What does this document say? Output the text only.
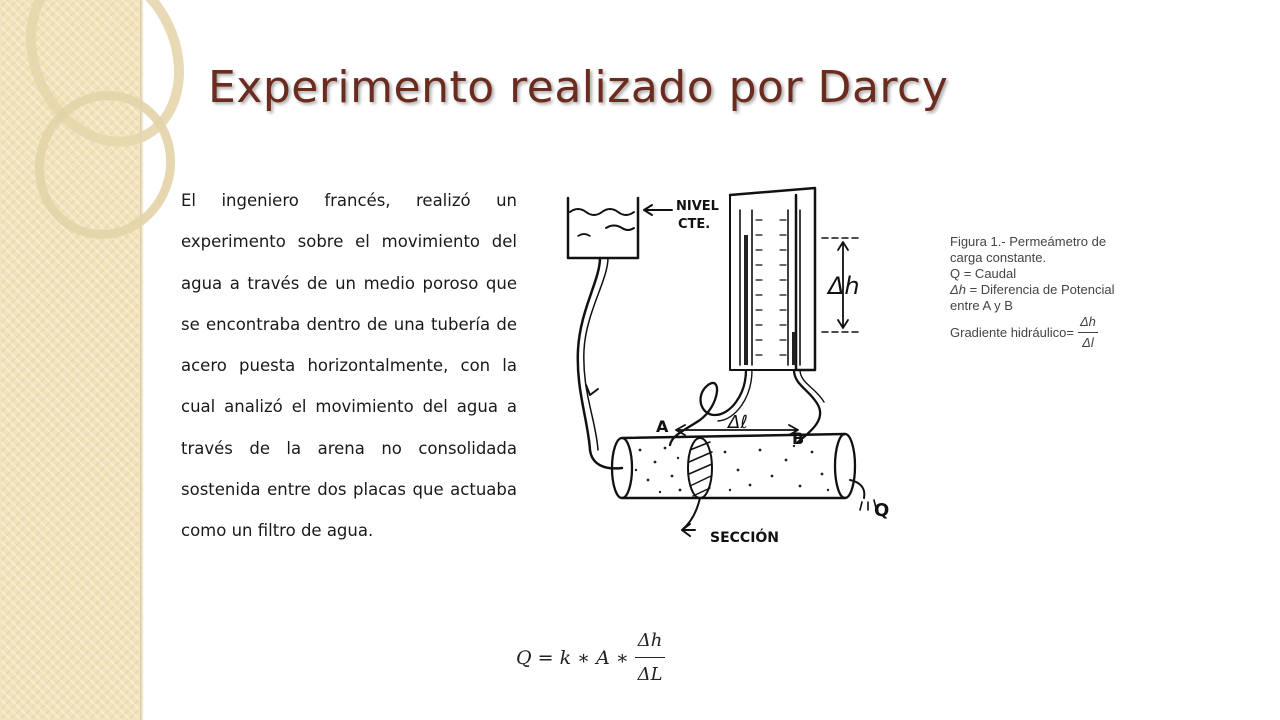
Experimento realizado por Darcy

El ingeniero francés, realizó un experimento sobre el movimiento del agua a través de un medio poroso que se encontraba dentro de una tubería de acero puesta horizontalmente, con la cual analizó el movimiento del agua a través de la arena no consolidada sostenida entre dos placas que actuaba como un filtro de agua.

NIVEL
CTE.
Δh
A
B
Δℓ
Q
SECCIÓN
Figura 1.- Permeámetro de
carga constante.
Q = Caudal
Δh = Diferencia de Potencial
entre A y B
Gradiente hidráulico= $\frac{\Delta h}{\Delta l}$
Q = k ∗ A ∗ $\frac{\Delta h}{\Delta L}$
